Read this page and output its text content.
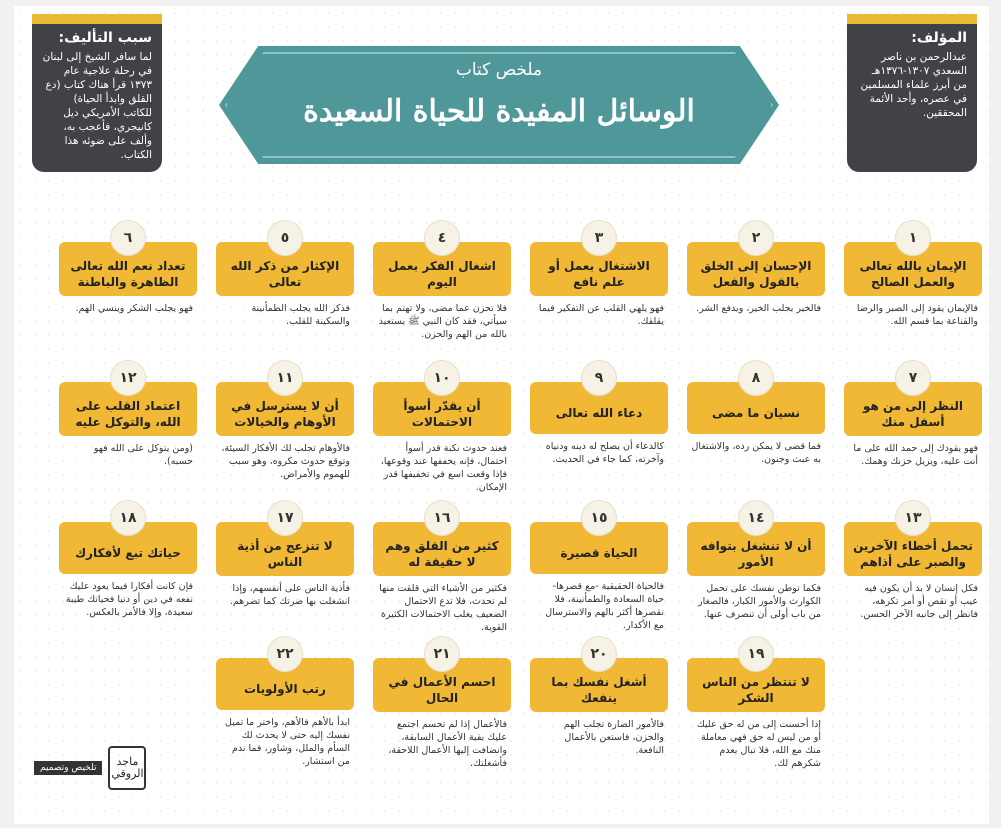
المؤلف:

عبدالرحمن بن ناصر السعدي ١٣٠٧-١٣٧٦هـ من أبرز علماء المسلمين في عصره، وأحد الأئمة المحققين.

سبب التأليف:

لما سافر الشيخ إلى لبنان في رحلة علاجية عام ١٣٧٣ قرأ هناك كتاب (دع القلق وابدأ الحياة) للكاتب الأمريكي ديل كانيجري، فأعجب به، وألف على ضوئه هذا الكتاب.

ملخص كتاب
الوسائل المفيدة للحياة السعيدة
١
الإيمان بالله تعالى والعمل الصالح
فالإيمان يقود إلى الصبر والرضا والقناعة بما قسم الله.
٢
الإحسان إلى الخلق بالقول والفعل
فالخير يجلب الخير، ويدفع الشر.
٣
الاشتغال بعمل أو علم نافع
فهو يلهي القلب عن التفكير فيما يقلقك.
٤
اشغال الفكر بعمل اليوم
فلا تحزن عما مضى، ولا تهتم بما سيأتي، فقد كان النبي ﷺ يستعيذ بالله من الهم والحزن.
٥
الإكثار من ذكر الله تعالى
فذكر الله يجلب الطمأنينة والسكينة للقلب.
٦
تعداد نعم الله تعالى الظاهرة والباطنة
فهو يجلب الشكر وينسي الهم.
٧
النظر إلى من هو أسفل منك
فهو يقودك إلى حمد الله على ما أنت عليه، ويزيل حزنك وهمك.
٨
نسيان ما مضى
فما قضى لا يمكن رده، والاشتغال به عبث وجنون.
٩
دعاء الله تعالى
كالدعاء أن يصلح له دينه ودنياه وآخرته، كما جاء في الحديث.
١٠
أن يقدّر أسوأ الاحتمالات
فعند حدوث نكبة قدر أسوأ احتمال، فإنه يخففها عند وقوعها، فإذا وقعت اسع في تخفيفها قدر الإمكان.
١١
أن لا يسترسل في الأوهام والخيالات
فالأوهام تجلب لك الأفكار السيئة، وتوقع حدوث مكروه، وهو سبب للهموم والأمراض.
١٢
اعتماد القلب على الله، والتوكل عليه
(ومن يتوكل على الله فهو حسبه).
١٣
تحمل أخطاء الآخرين والصبر على أذاهم
فكل إنسان لا بد أن يكون فيه عيب أو نقص أو أمر تكرهه، فانظر إلى جانبه الآخر الحسن.
١٤
أن لا تنشغل بتوافه الأمور
فكما توطن نفسك على تحمل الكوارث والأمور الكبار، فالصغار من باب أولى أن تنصرف عنها.
١٥
الحياة قصيرة
فالحياة الحقيقية -مع قصرها- حياة السعادة والطمأنينة، فلا تقصرها أكثر بالهم والاسترسال مع الأكدار.
١٦
كثير من القلق وهم لا حقيقة له
فكثير من الأشياء التي قلقت منها لم تحدث، فلا تدع الاحتمال الضعيف يغلب الاحتمالات الكثيرة القوية.
١٧
لا تنزعج من أذية الناس
فأذية الناس على أنفسهم، وإذا انشغلت بها ضرتك كما تضرهم.
١٨
حياتك تبع لأفكارك
فإن كانت أفكارا فيما يعود عليك نفعه في دين أو دنيا فحياتك طيبة سعيدة، وإلا فالأمر بالعكس.
١٩
لا تنتظر من الناس الشكر
إذا أحسنت إلى من له حق عليك أو من ليس له حق فهي معاملة منك مع الله، فلا تبال بعدم شكرهم لك.
٢٠
أشغل نفسك بما ينفعك
فالأمور الضارة تجلب الهم والحزن، فاستعن بالأعمال النافعة.
٢١
احسم الأعمال في الحال
فالأعمال إذا لم تحسم اجتمع عليك بقية الأعمال السابقة، وانضافت إليها الأعمال اللاحقة، فأشغلتك.
٢٢
رتب الأولويات
ابدأ بالأهم فالأهم، واختر ما تميل نفسك إليه حتى لا يحدث لك السأم والملل، وشاور، فما ندم من استشار.
ماجد الروقي
تلخيص وتصميم
